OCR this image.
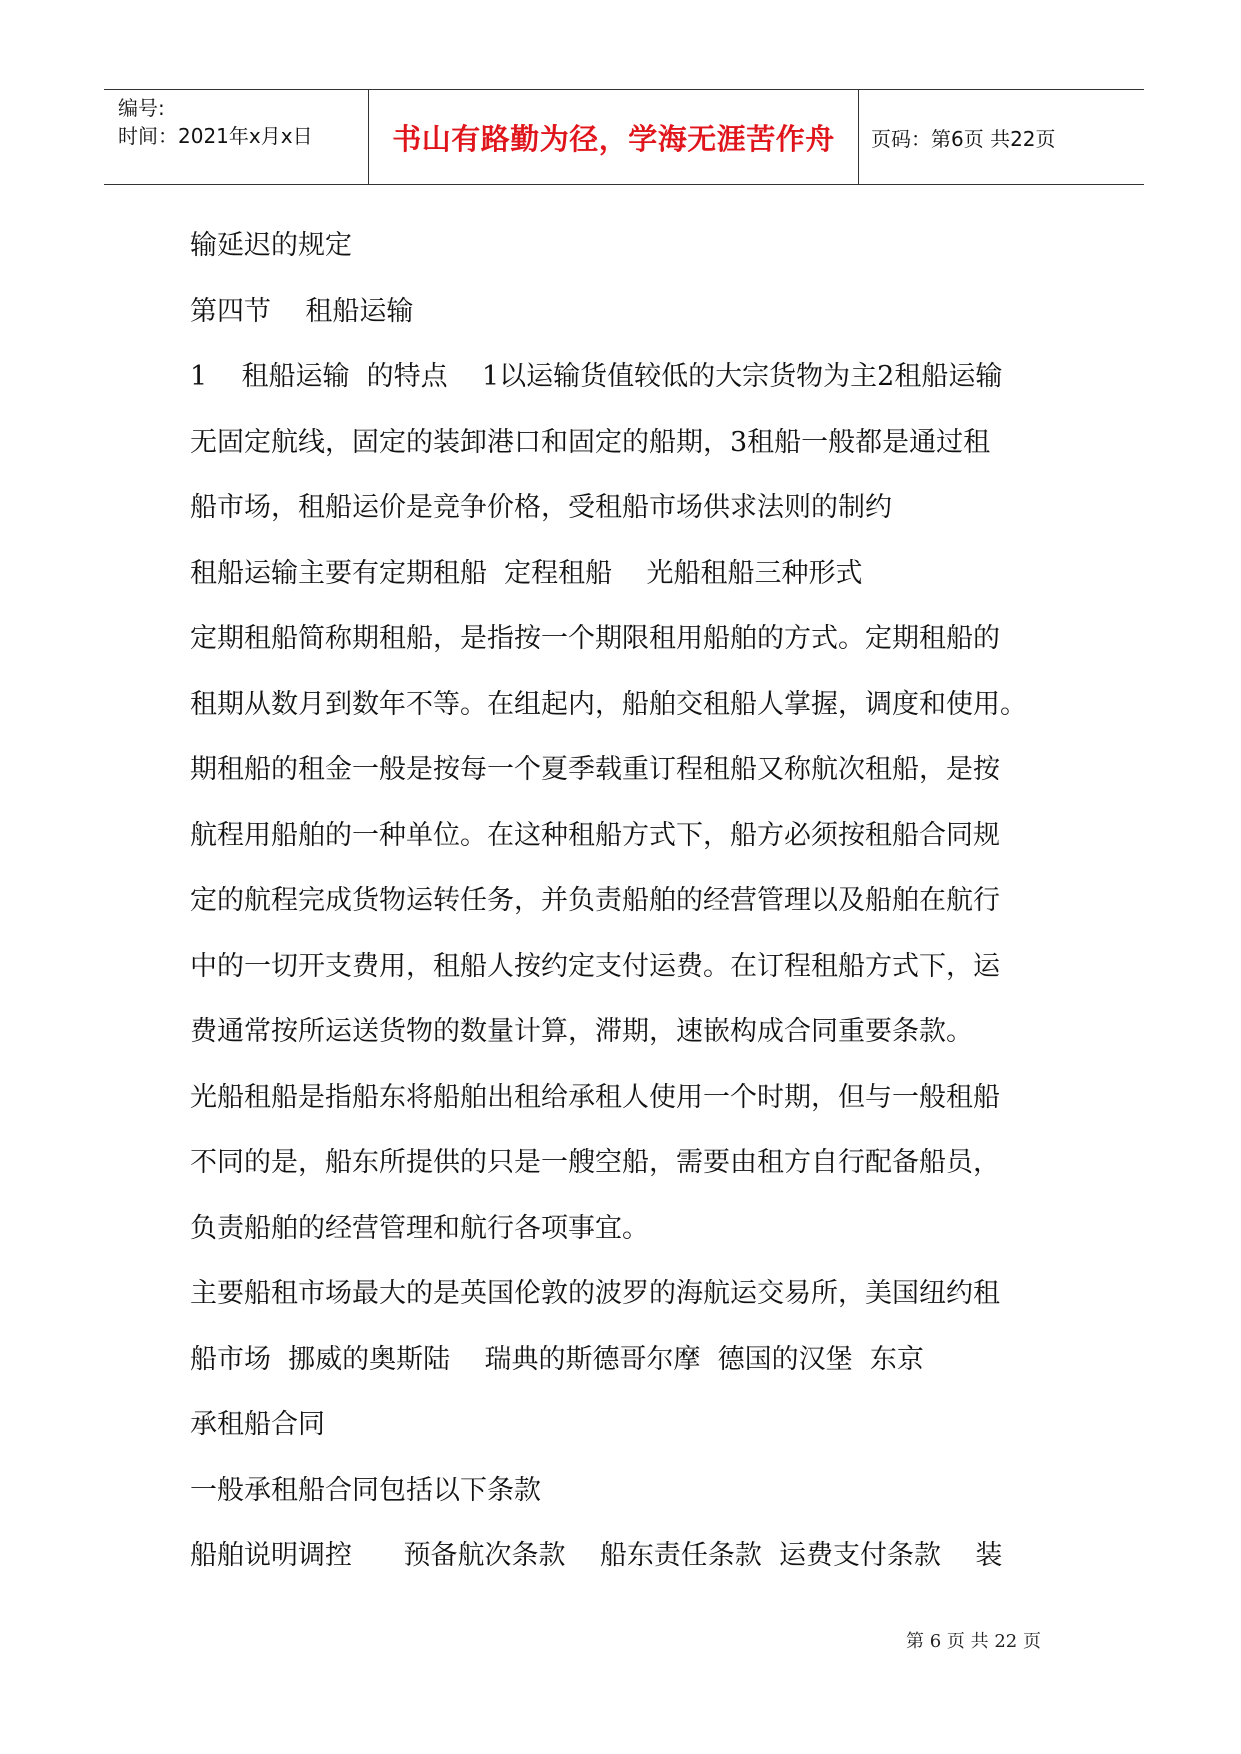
编号:
时间：2021年x月x日	书山有路勤为径，学海无涯苦作舟	页码：第6页 共22页
输延迟的规定
第四节    租船运输
1    租船运输  的特点    1以运输货值较低的大宗货物为主2租船运输
无固定航线，固定的装卸港口和固定的船期，3租船一般都是通过租
船市场，租船运价是竞争价格，受租船市场供求法则的制约
租船运输主要有定期租船  定程租船    光船租船三种形式
定期租船简称期租船，是指按一个期限租用船舶的方式。定期租船的
租期从数月到数年不等。在组起内，船舶交租船人掌握，调度和使用。
期租船的租金一般是按每一个夏季载重订程租船又称航次租船，是按
航程用船舶的一种单位。在这种租船方式下，船方必须按租船合同规
定的航程完成货物运转任务，并负责船舶的经营管理以及船舶在航行
中的一切开支费用，租船人按约定支付运费。在订程租船方式下，运
费通常按所运送货物的数量计算，滞期，速嵌构成合同重要条款。
光船租船是指船东将船舶出租给承租人使用一个时期，但与一般租船
不同的是，船东所提供的只是一艘空船，需要由租方自行配备船员，
负责船舶的经营管理和航行各项事宜。
主要船租市场最大的是英国伦敦的波罗的海航运交易所，美国纽约租
船市场  挪威的奥斯陆    瑞典的斯德哥尔摩  德国的汉堡  东京
承租船合同
一般承租船合同包括以下条款
船舶说明调控      预备航次条款    船东责任条款  运费支付条款    装
第 6 页 共 22 页
